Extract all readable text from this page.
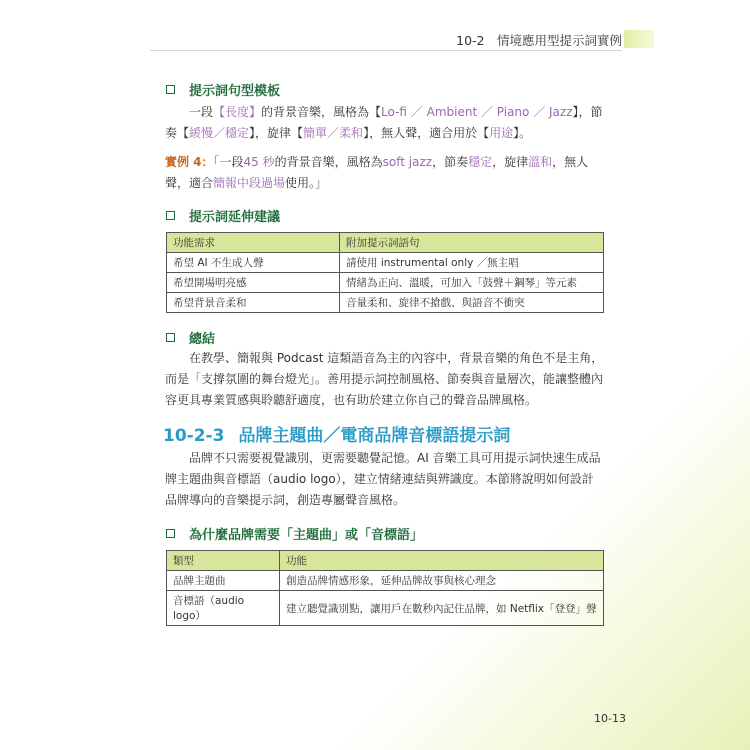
10-2　情境應用型提示詞實例
提示詞句型模板
一段【長度】的背景音樂，風格為【Lo-fi ／ Ambient ／ Piano ／ Jazz】，節奏【緩慢／穩定】，旋律【簡單／柔和】，無人聲，適合用於【用途】。
實例 4：「一段45 秒的背景音樂，風格為soft jazz，節奏穩定，旋律溫和，無人聲，適合簡報中段過場使用。」
提示詞延伸建議
功能需求	附加提示詞語句
希望 AI 不生成人聲	請使用 instrumental only ／無主唱
希望開場明亮感	情緒為正向、溫暖，可加入「鼓聲＋鋼琴」等元素
希望背景音柔和	音量柔和、旋律不搶戲、與語音不衝突
總結
在教學、簡報與 Podcast 這類語音為主的內容中，背景音樂的角色不是主角，而是「支撐氛圍的舞台燈光」。善用提示詞控制風格、節奏與音量層次，能讓整體內容更具專業質感與聆聽舒適度，也有助於建立你自己的聲音品牌風格。
10-2-3 品牌主題曲／電商品牌音標語提示詞
品牌不只需要視覺識別，更需要聽覺記憶。AI 音樂工具可用提示詞快速生成品牌主題曲與音標語（audio logo），建立情緒連結與辨識度。本節將說明如何設計品牌導向的音樂提示詞，創造專屬聲音風格。
為什麼品牌需要「主題曲」或「音標語」
類型	功能
品牌主題曲	創造品牌情感形象，延伸品牌故事與核心理念
音標語（audio logo）	建立聽覺識別點，讓用戶在數秒內記住品牌，如 Netflix「登登」聲
10-13
